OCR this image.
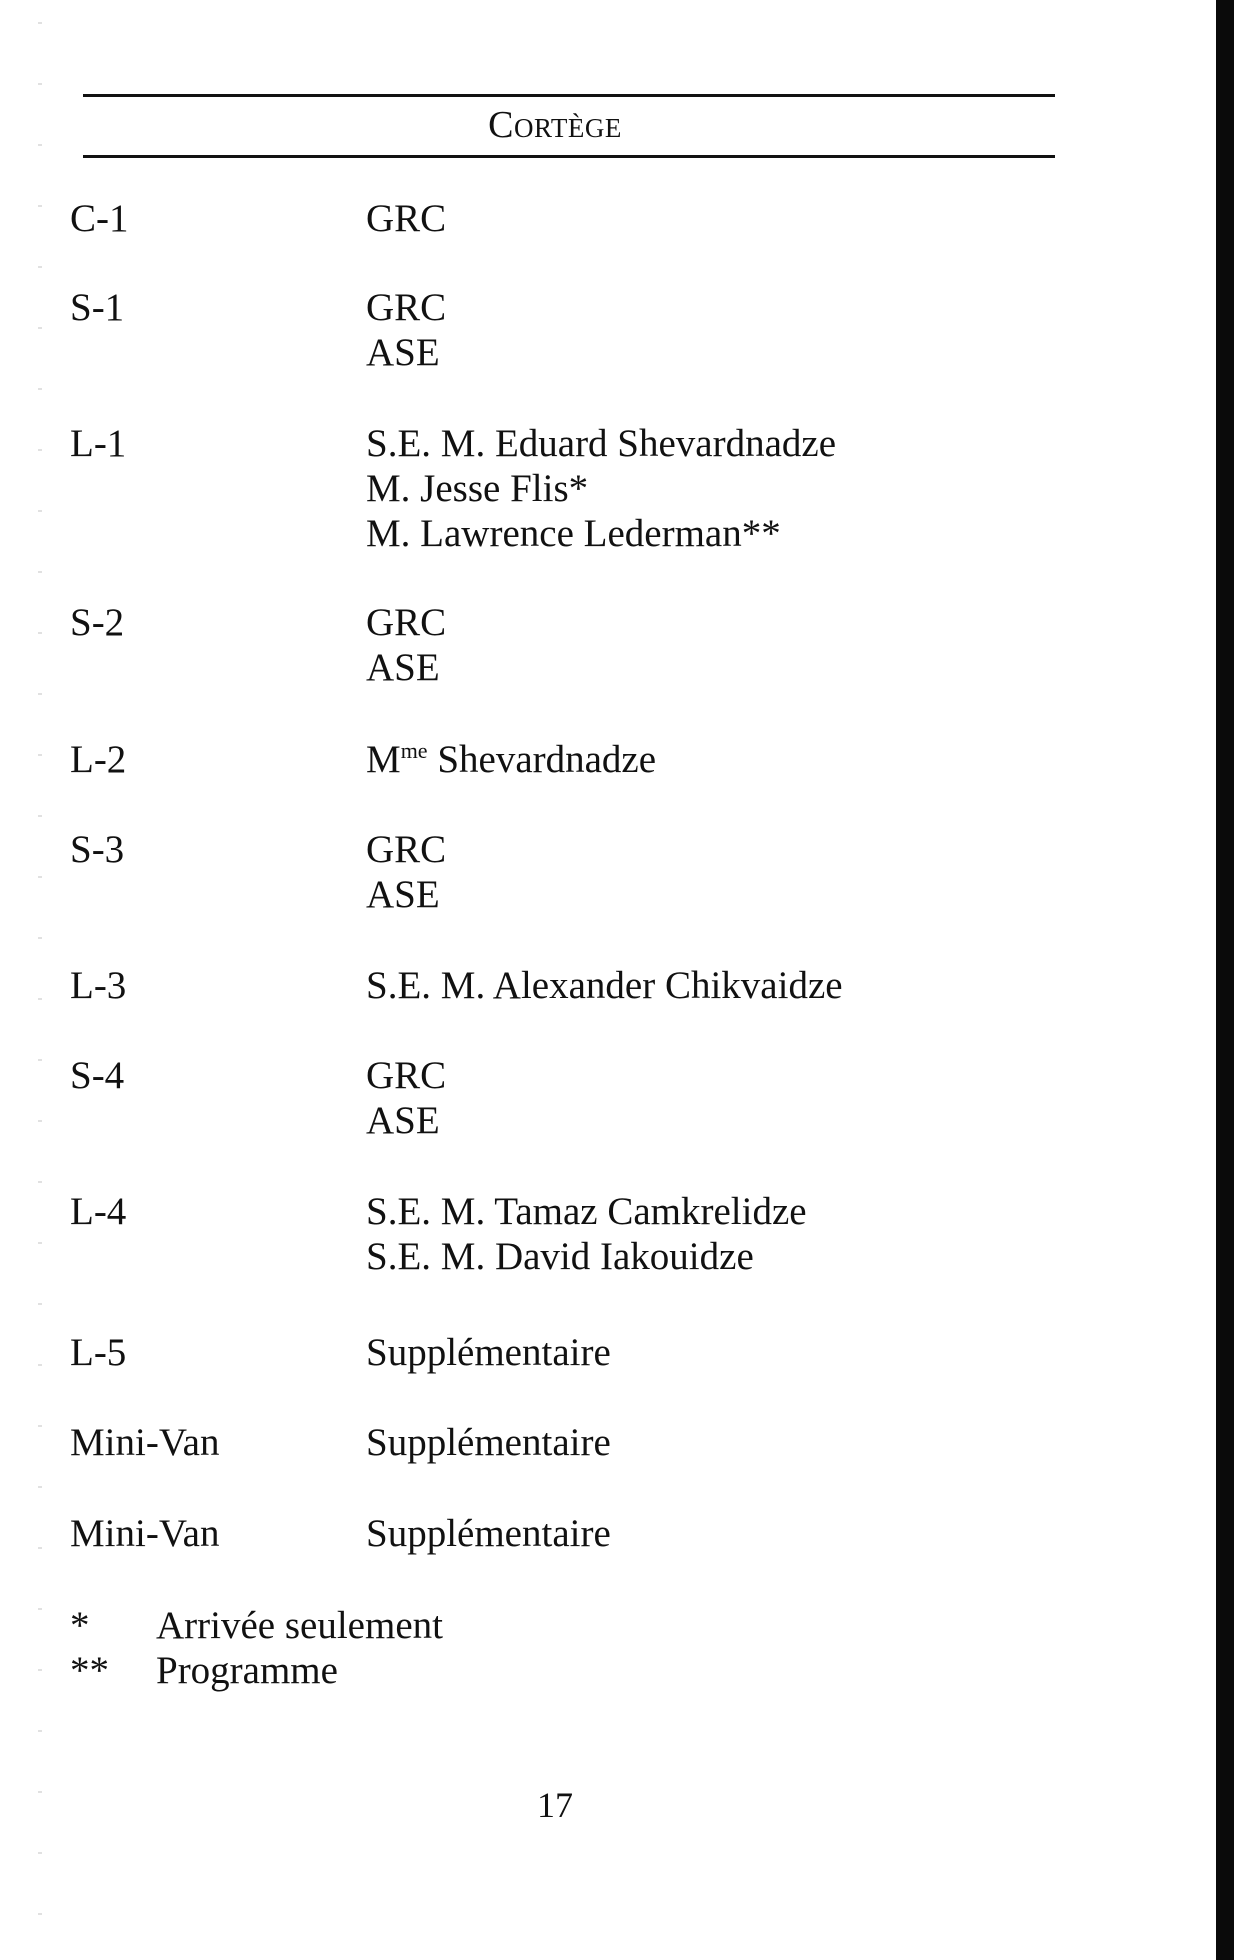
Cortège
C-1	GRC
S-1	GRC
ASE
L-1	S.E. M. Eduard Shevardnadze
M. Jesse Flis*
M. Lawrence Lederman**
S-2	GRC
ASE
L-2	$M^{me}$ Shevardnadze
S-3	GRC
ASE
L-3	S.E. M. Alexander Chikvaidze
S-4	GRC
ASE
L-4	S.E. M. Tamaz Camkrelidze
S.E. M. David Iakouidze
L-5	Supplémentaire
Mini-Van	Supplémentaire
Mini-Van	Supplémentaire
* Arrivée seulement
** Programme
17
